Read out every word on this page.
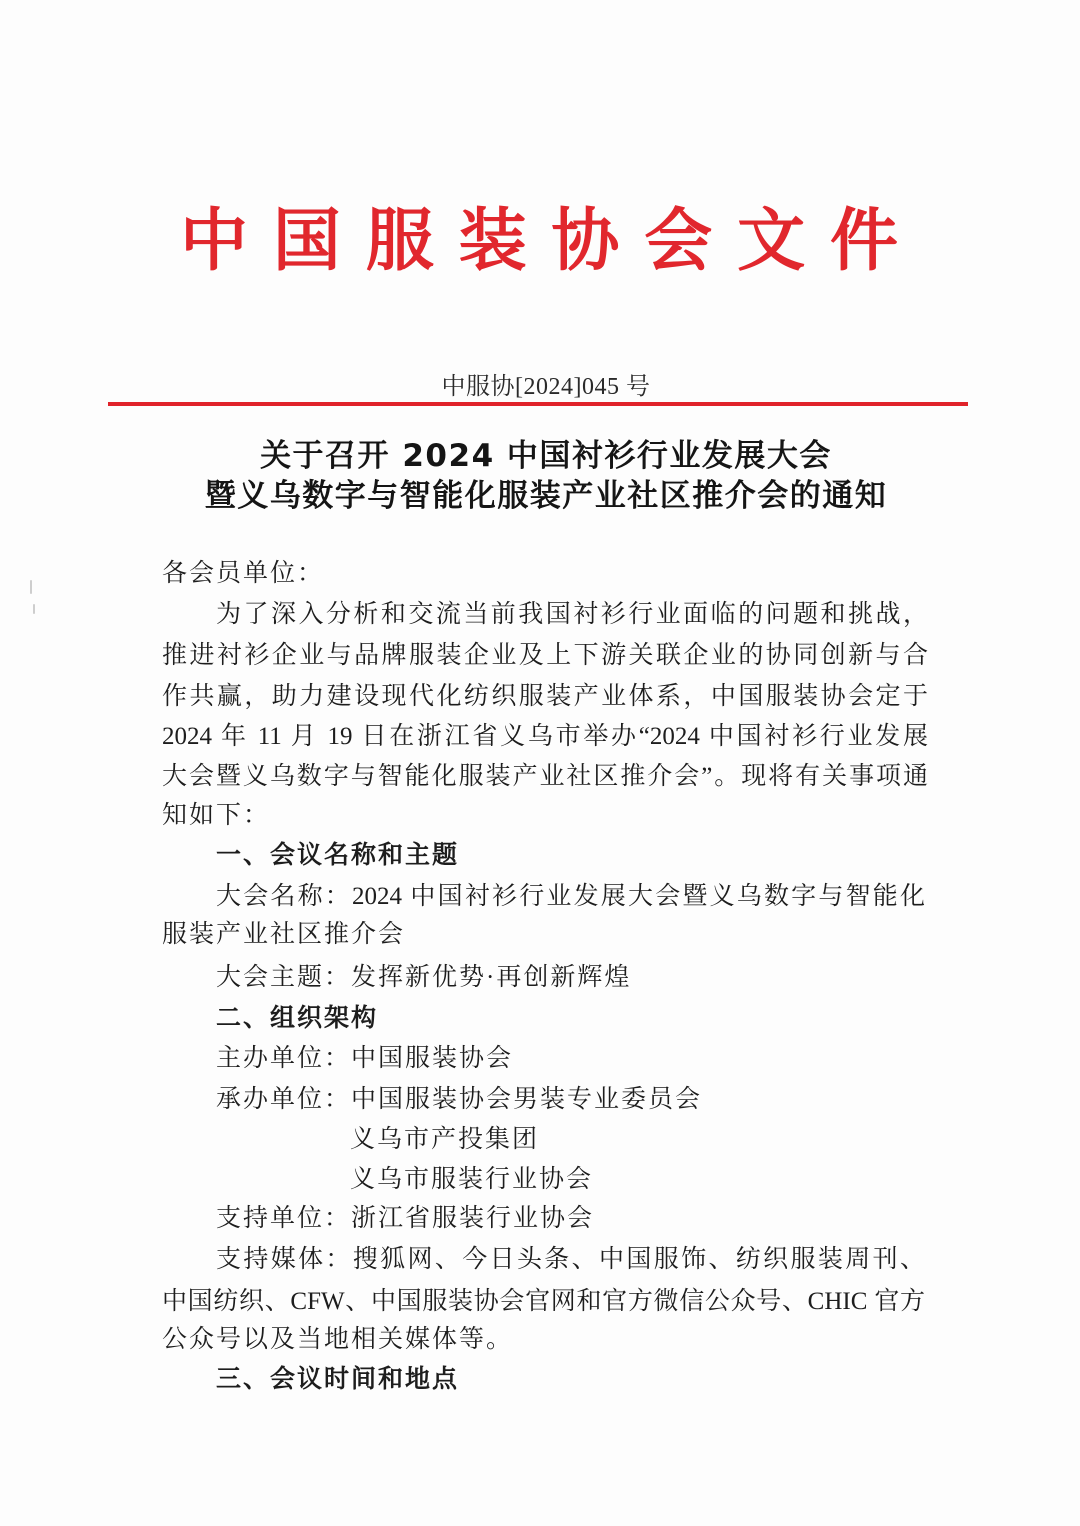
中国服装协会文件
中服协[2024]045 号
关于召开 2024 中国衬衫行业发展大会
暨义乌数字与智能化服装产业社区推介会的通知
各会员单位：
为了深入分析和交流当前我国衬衫行业面临的问题和挑战，
推进衬衫企业与品牌服装企业及上下游关联企业的协同创新与合
作共赢，助力建设现代化纺织服装产业体系，中国服装协会定于
2024 年 11 月 19 日在浙江省义乌市举办“2024 中国衬衫行业发展
大会暨义乌数字与智能化服装产业社区推介会”。现将有关事项通
知如下：
一、会议名称和主题
大会名称：2024 中国衬衫行业发展大会暨义乌数字与智能化
服装产业社区推介会
大会主题：发挥新优势·再创新辉煌
二、组织架构
主办单位：中国服装协会
承办单位：中国服装协会男装专业委员会
义乌市产投集团
义乌市服装行业协会
支持单位：浙江省服装行业协会
支持媒体：搜狐网、今日头条、中国服饰、纺织服装周刊、
中国纺织、CFW、中国服装协会官网和官方微信公众号、CHIC 官方
公众号以及当地相关媒体等。
三、会议时间和地点
